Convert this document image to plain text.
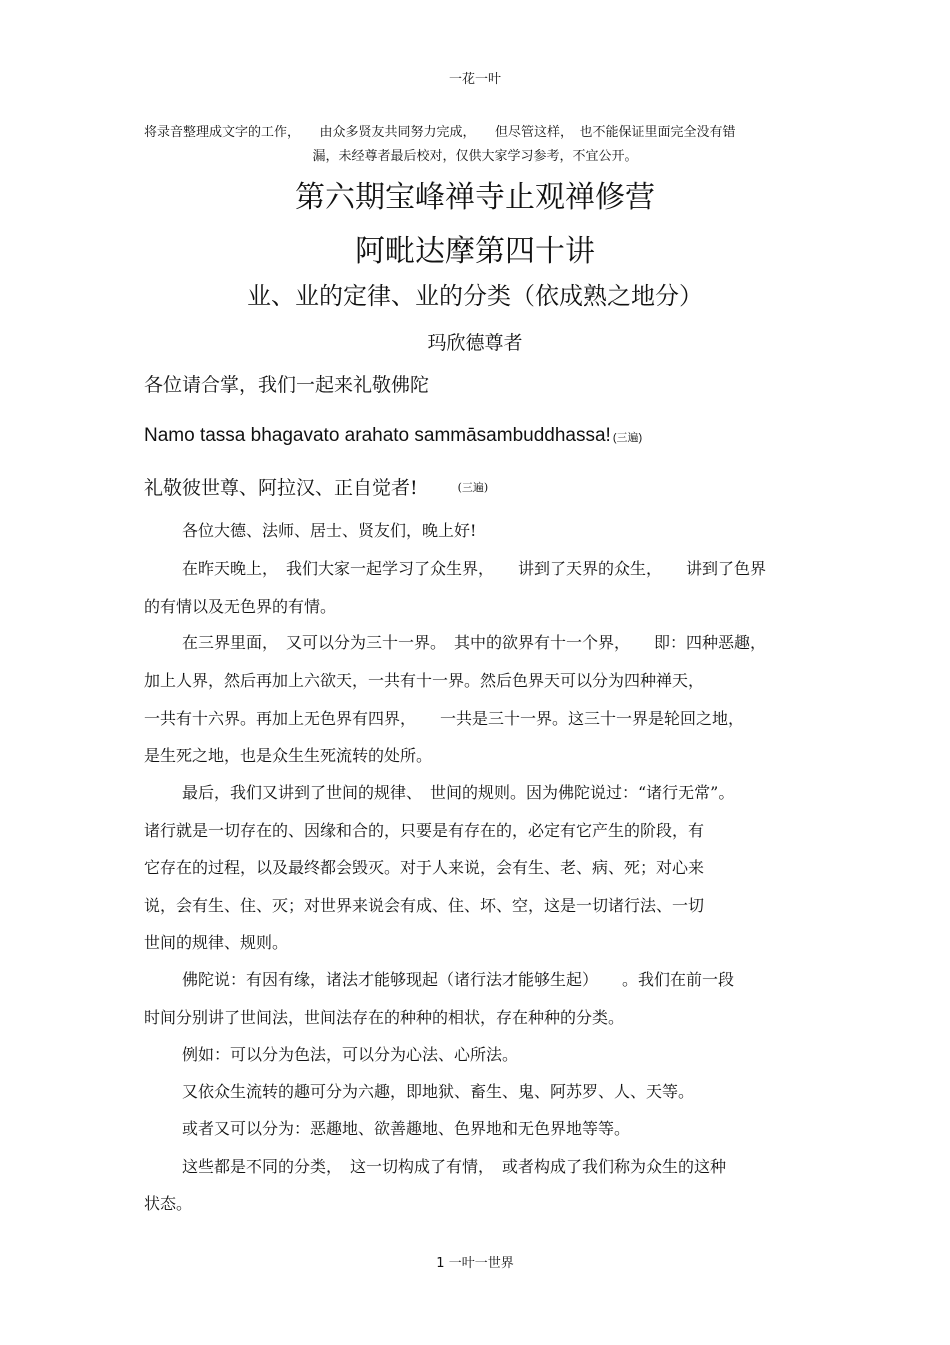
一花一叶
将录音整理成文字的工作，　　由众多贤友共同努力完成，　　但尽管这样，　也不能保证里面完全没有错
漏，未经尊者最后校对，仅供大家学习参考，不宜公开。
第六期宝峰禅寺止观禅修营
阿毗达摩第四十讲
业、业的定律、业的分类（依成熟之地分）
玛欣德尊者
各位请合掌，我们一起来礼敬佛陀
Namo tassa bhagavato arahato sammāsambuddhassa! (三遍)
礼敬彼世尊、阿拉汉、正自觉者!	(三遍)
各位大德、法师、居士、贤友们，晚上好!
在昨天晚上，　我们大家一起学习了众生界，　　讲到了天界的众生，　　讲到了色界
的有情以及无色界的有情。
在三界里面，　又可以分为三十一界。　其中的欲界有十一个界，　　即：四种恶趣，
加上人界，然后再加上六欲天，一共有十一界。然后色界天可以分为四种禅天，
一共有十六界。再加上无色界有四界，　　一共是三十一界。这三十一界是轮回之地，
是生死之地，也是众生生死流转的处所。
最后，我们又讲到了世间的规律、　世间的规则。因为佛陀说过：“诸行无常”。
诸行就是一切存在的、因缘和合的，只要是有存在的，必定有它产生的阶段，有
它存在的过程，以及最终都会毁灭。对于人来说，会有生、老、病、死；对心来
说，会有生、住、灭；对世界来说会有成、住、坏、空，这是一切诸行法、一切
世间的规律、规则。
佛陀说：有因有缘，诸法才能够现起（诸行法才能够生起）　　。我们在前一段
时间分别讲了世间法，世间法存在的种种的相状，存在种种的分类。
例如：可以分为色法，可以分为心法、心所法。
又依众生流转的趣可分为六趣，即地狱、畜生、鬼、阿苏罗、人、天等。
或者又可以分为：恶趣地、欲善趣地、色界地和无色界地等等。
这些都是不同的分类，　这一切构成了有情，　或者构成了我们称为众生的这种
状态。
1 一叶一世界
